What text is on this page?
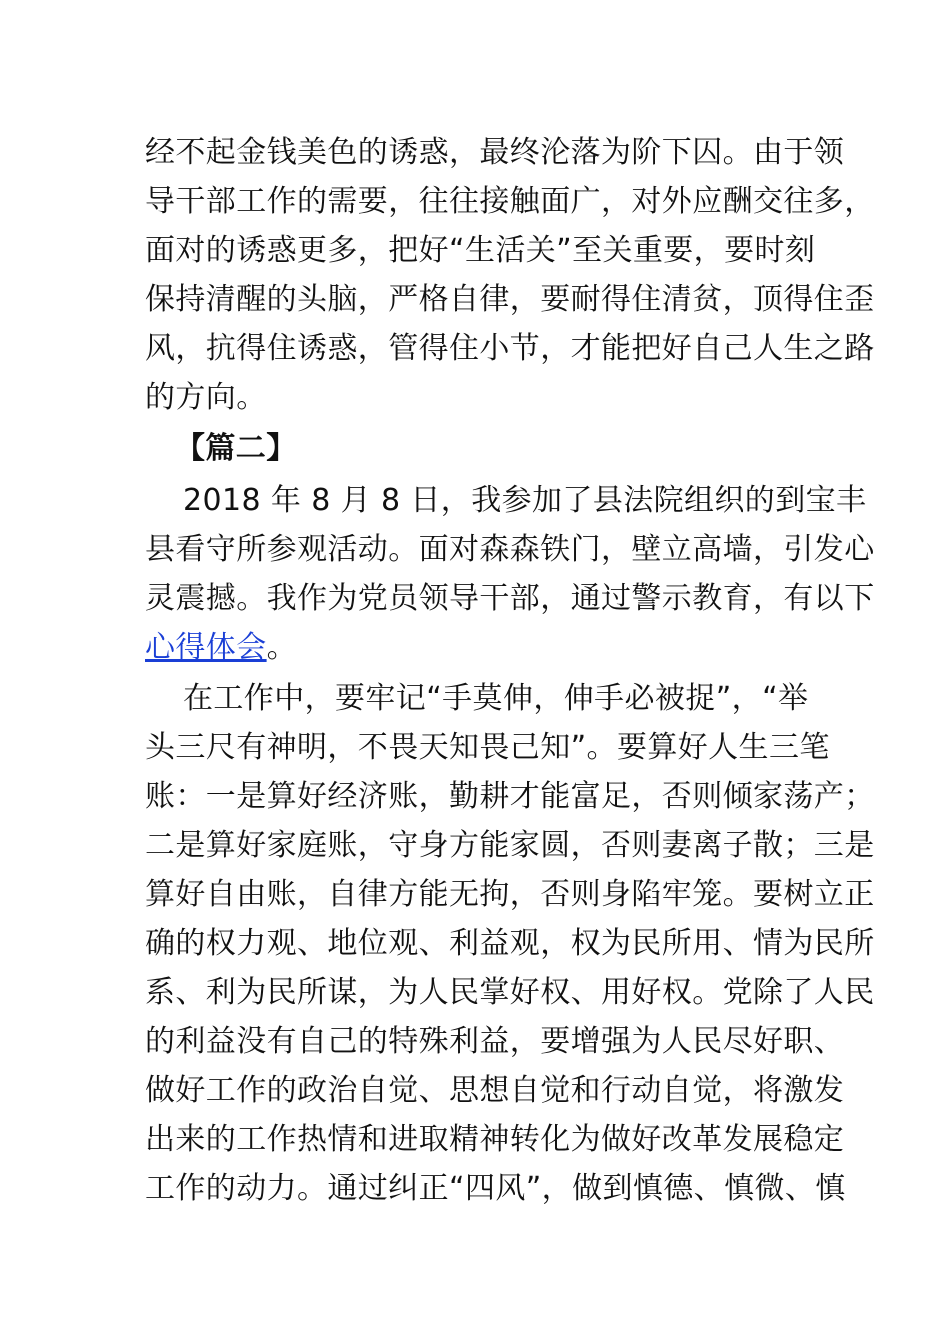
经不起金钱美色的诱惑，最终沦落为阶下囚。由于领
导干部工作的需要，往往接触面广，对外应酬交往多，
面对的诱惑更多，把好“生活关”至关重要，要时刻
保持清醒的头脑，严格自律，要耐得住清贫，顶得住歪
风，抗得住诱惑，管得住小节，才能把好自己人生之路
的方向。
【篇二】
2018 年 8 月 8 日，我参加了县法院组织的到宝丰
县看守所参观活动。面对森森铁门，壁立高墙，引发心
灵震撼。我作为党员领导干部，通过警示教育，有以下
心得体会。
在工作中，要牢记“手莫伸，伸手必被捉”，“举
头三尺有神明，不畏天知畏己知”。要算好人生三笔
账：一是算好经济账，勤耕才能富足，否则倾家荡产；
二是算好家庭账，守身方能家圆，否则妻离子散；三是
算好自由账，自律方能无拘，否则身陷牢笼。要树立正
确的权力观、地位观、利益观，权为民所用、情为民所
系、利为民所谋，为人民掌好权、用好权。党除了人民
的利益没有自己的特殊利益，要增强为人民尽好职、
做好工作的政治自觉、思想自觉和行动自觉，将激发
出来的工作热情和进取精神转化为做好改革发展稳定
工作的动力。通过纠正“四风”，做到慎德、慎微、慎
